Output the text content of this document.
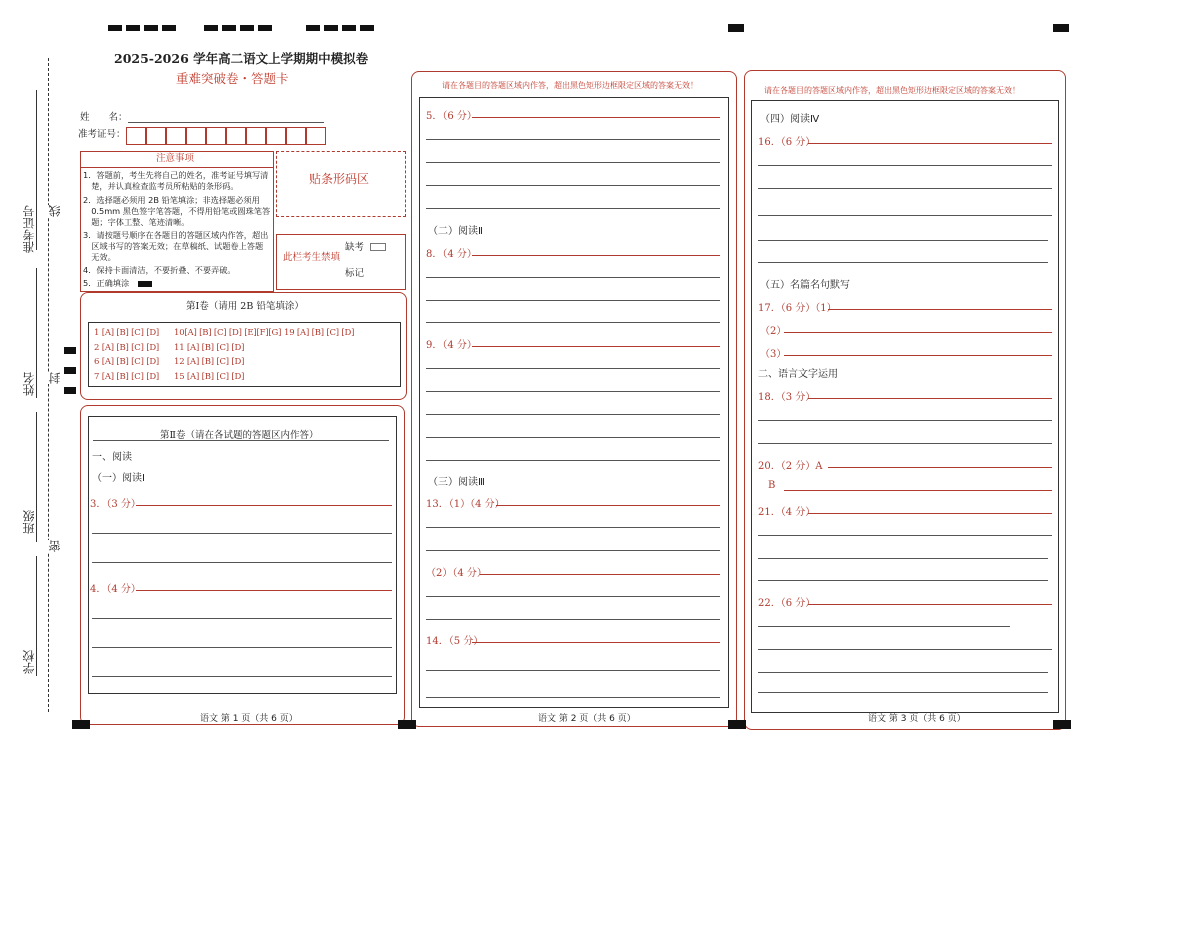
准考证号 线
姓名 封
班级
密
学校
2025-2026 学年高二语文上学期期中模拟卷
重难突破卷・答题卡
姓　　名：
准考证号：
注意事项
1．答题前，考生先将自己的姓名，准考证号填写清
　楚，并认真检查监考员所粘贴的条形码。
2．选择题必须用 2B 铅笔填涂；非选择题必须用
　0.5mm 黑色签字笔答题，不得用铅笔或圆珠笔答
　题；字体工整、笔迹清晰。
3．请按题号顺序在各题目的答题区域内作答，超出
　区域书写的答案无效；在草稿纸、试题卷上答题
　无效。
4．保持卡面清洁，不要折叠、不要弄破。
5．正确填涂
贴条形码区
缺考
此栏考生禁填
标记
第Ⅰ卷（请用 2B 铅笔填涂）
1 [A] [B] [C] [D]
2 [A] [B] [C] [D]
6 [A] [B] [C] [D]
7 [A] [B] [C] [D]
10[A] [B] [C] [D] [E][F][G]
11 [A] [B] [C] [D]
12 [A] [B] [C] [D]
15 [A] [B] [C] [D]
19 [A] [B] [C] [D]
第Ⅱ卷（请在各试题的答题区内作答）
一、阅读
（一）阅读Ⅰ
3．（3 分）
4．（4 分）
语文 第 1 页（共 6 页）
请在各题目的答题区域内作答，超出黑色矩形边框限定区域的答案无效！
5．（6 分）
（二）阅读Ⅱ
8．（4 分）
9．（4 分）
（三）阅读Ⅲ
13．（1）（4 分）
（2）（4 分）
14．（5 分）
语文 第 2 页（共 6 页）
请在各题目的答题区域内作答，超出黑色矩形边框限定区域的答案无效！
（四）阅读Ⅳ
16．（6 分）
（五）名篇名句默写
17．（6 分）（1）
（2）
（3）
二、语言文字运用
18．（3 分）
20．（2 分）A
B
21．（4 分）
22．（6 分）
语文 第 3 页（共 6 页）
